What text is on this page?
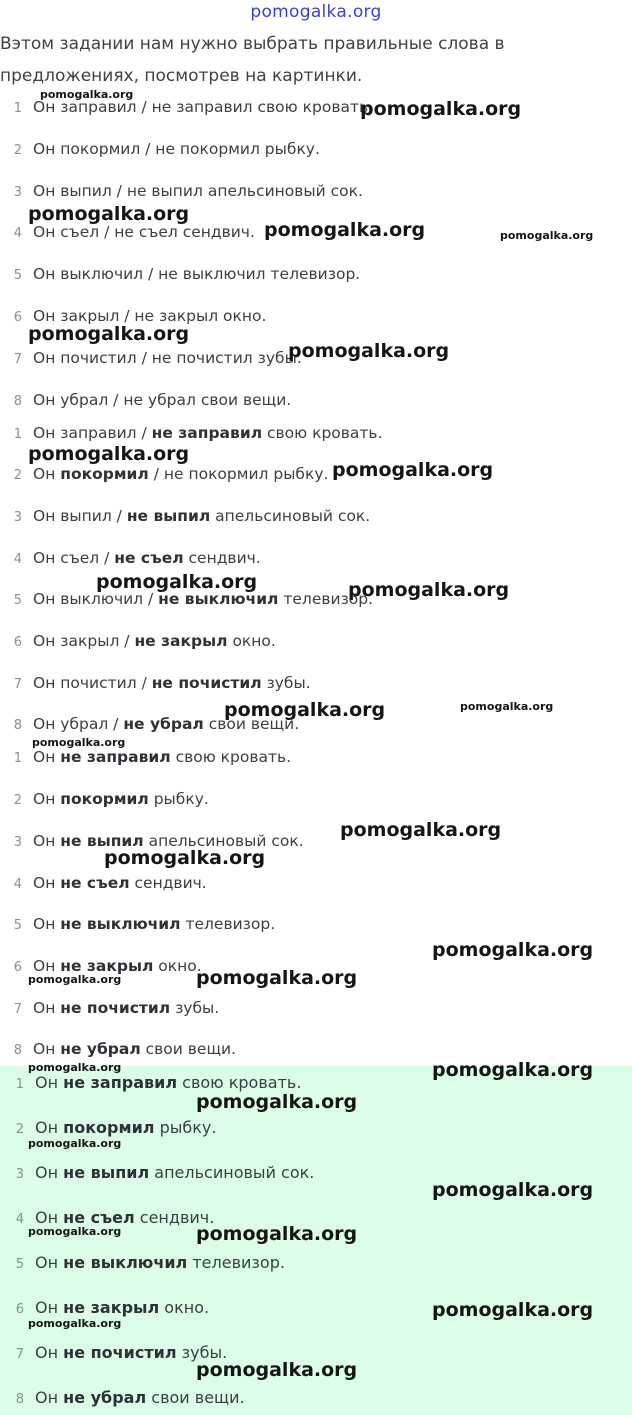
pomogalka.org
Вэтом задании нам нужно выбрать правильные слова в предложениях, посмотрев на картинки.
1 Он заправил / не заправил свою кровать.
2 Он покормил / не покормил рыбку.
3 Он выпил / не выпил апельсиновый сок.
4 Он съел / не съел сендвич.
5 Он выключил / не выключил телевизор.
6 Он закрыл / не закрыл окно.
7 Он почистил / не почистил зубы.
8 Он убрал / не убрал свои вещи.
1 Он заправил / не заправил свою кровать.
2 Он покормил / не покормил рыбку.
3 Он выпил / не выпил апельсиновый сок.
4 Он съел / не съел сендвич.
5 Он выключил / не выключил телевизор.
6 Он закрыл / не закрыл окно.
7 Он почистил / не почистил зубы.
8 Он убрал / не убрал свои вещи.
1 Он не заправил свою кровать.
2 Он покормил рыбку.
3 Он не выпил апельсиновый сок.
4 Он не съел сендвич.
5 Он не выключил телевизор.
6 Он не закрыл окно.
7 Он не почистил зубы.
8 Он не убрал свои вещи.
1 Он не заправил свою кровать.
2 Он покормил рыбку.
3 Он не выпил апельсиновый сок.
4 Он не съел сендвич.
5 Он не выключил телевизор.
6 Он не закрыл окно.
7 Он не почистил зубы.
8 Он не убрал свои вещи.
pomogalka.org
pomogalka.org
pomogalka.org
pomogalka.org	pomogalka.org
pomogalka.org
pomogalka.org
pomogalka.org
pomogalka.org
pomogalka.org	pomogalka.org
pomogalka.org	pomogalka.org
pomogalka.org
pomogalka.org
pomogalka.org
pomogalka.org
pomogalka.org	pomogalka.org
pomogalka.org	pomogalka.org
pomogalka.org
pomogalka.org
pomogalka.org
pomogalka.org	pomogalka.org
pomogalka.org
pomogalka.org
pomogalka.org
